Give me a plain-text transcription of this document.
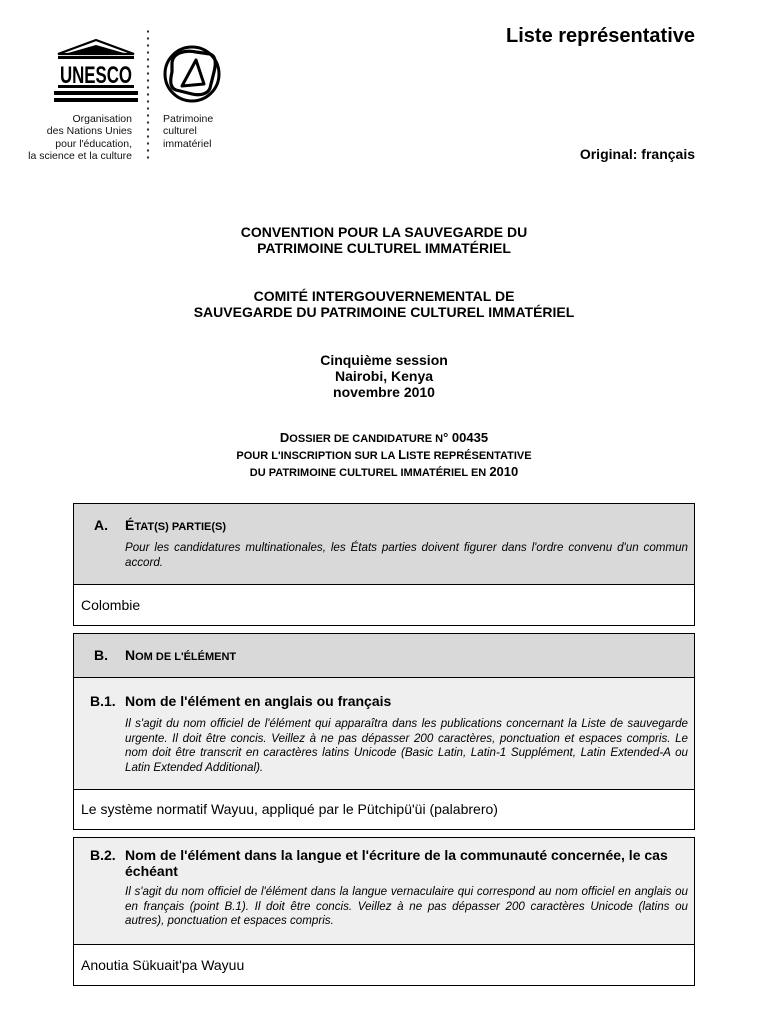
UNESCO
Organisation
des Nations Unies
pour l'éducation,
la science et la culture
Patrimoine
culturel
immatériel
Liste représentative
Original: français
CONVENTION POUR LA SAUVEGARDE DU
PATRIMOINE CULTUREL IMMATÉRIEL
COMITÉ INTERGOUVERNEMENTAL DE
SAUVEGARDE DU PATRIMOINE CULTUREL IMMATÉRIEL
Cinquième session
Nairobi, Kenya
novembre 2010
DOSSIER DE CANDIDATURE N° 00435
POUR L'INSCRIPTION SUR LA LISTE REPRÉSENTATIVE
DU PATRIMOINE CULTUREL IMMATÉRIEL EN 2010
A. ÉTAT(S) PARTIE(S)
Pour les candidatures multinationales, les États parties doivent figurer dans l'ordre convenu d'un commun accord.
Colombie
B. NOM DE L'ÉLÉMENT
B.1. Nom de l'élément en anglais ou français
Il s'agit du nom officiel de l'élément qui apparaîtra dans les publications concernant la Liste de sauvegarde urgente. Il doit être concis. Veillez à ne pas dépasser 200 caractères, ponctuation et espaces compris. Le nom doit être transcrit en caractères latins Unicode (Basic Latin, Latin-1 Supplément, Latin Extended-A ou Latin Extended Additional).
Le système normatif Wayuu, appliqué par le Pütchipü'üi (palabrero)
B.2. Nom de l'élément dans la langue et l'écriture de la communauté concernée, le cas échéant
Il s'agit du nom officiel de l'élément dans la langue vernaculaire qui correspond au nom officiel en anglais ou en français (point B.1). Il doit être concis. Veillez à ne pas dépasser 200 caractères Unicode (latins ou autres), ponctuation et espaces compris.
Anoutia Sükuait'pa Wayuu
